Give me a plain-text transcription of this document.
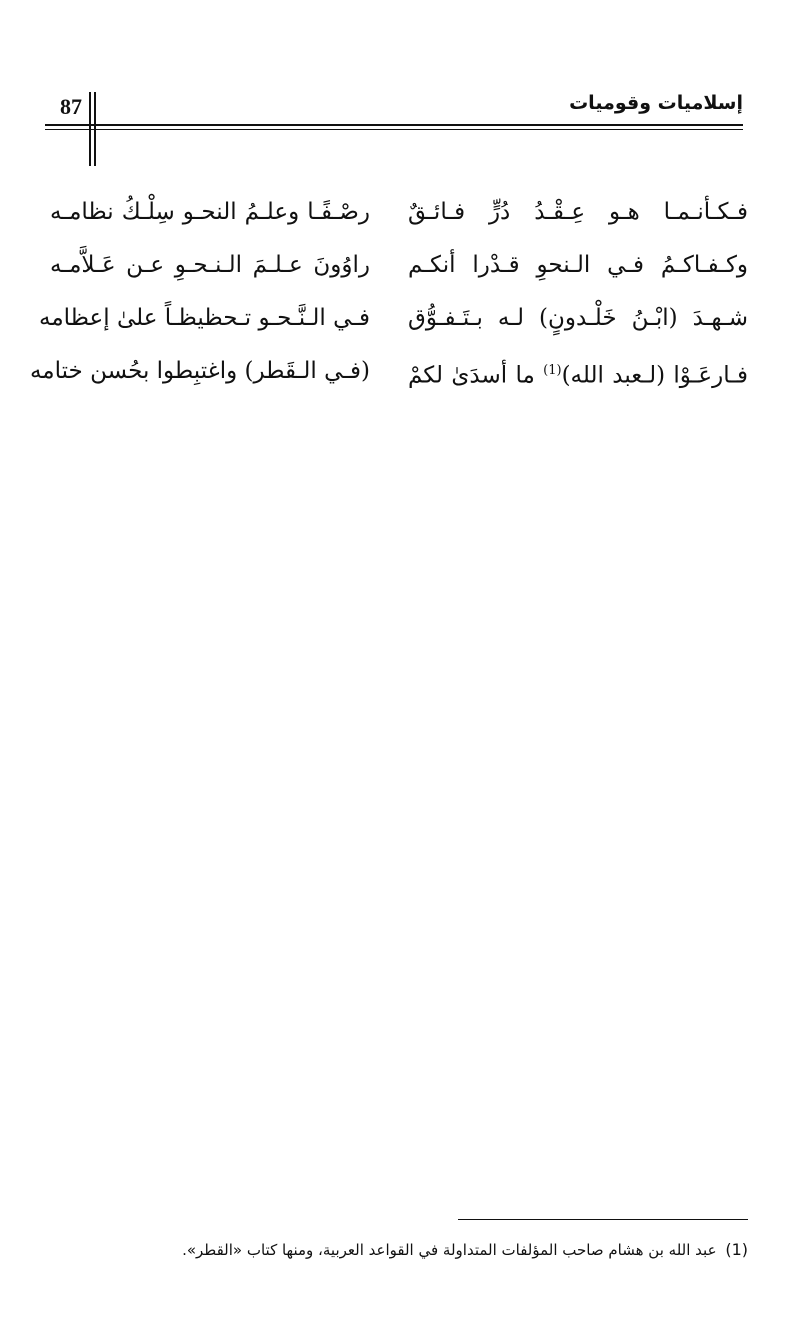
87	إسلاميات وقوميات
فـكـأنـمـا هـو عِـقْـدُ دُرٍّ فـائـقٌ
رصْـفًـا وعلـمُ النحـو سِلْـكُ نظامـه
وكـفـاكـمُ فـي الـنحوِ قـدْرا أنكـم
راوُونَ عـلـمَ الـنـحـوِ عـن عَـلاَّمـه
شـهـدَ (ابْـنُ خَلْـدونٍ) لـه بـتَـفـوُّق
فـي الـنَّـحـو تـحظيظـاً علىٰ إعظامه
فـارعَـوْا (لـعبد الله)$^{(1)}$ ما أسدَىٰ لكمْ
(فـي الـقَطر) واغتبِطوا بحُسن ختامه
(1) عبد الله بن هشام صاحب المؤلفات المتداولة في القواعد العربية، ومنها كتاب «القطر».
